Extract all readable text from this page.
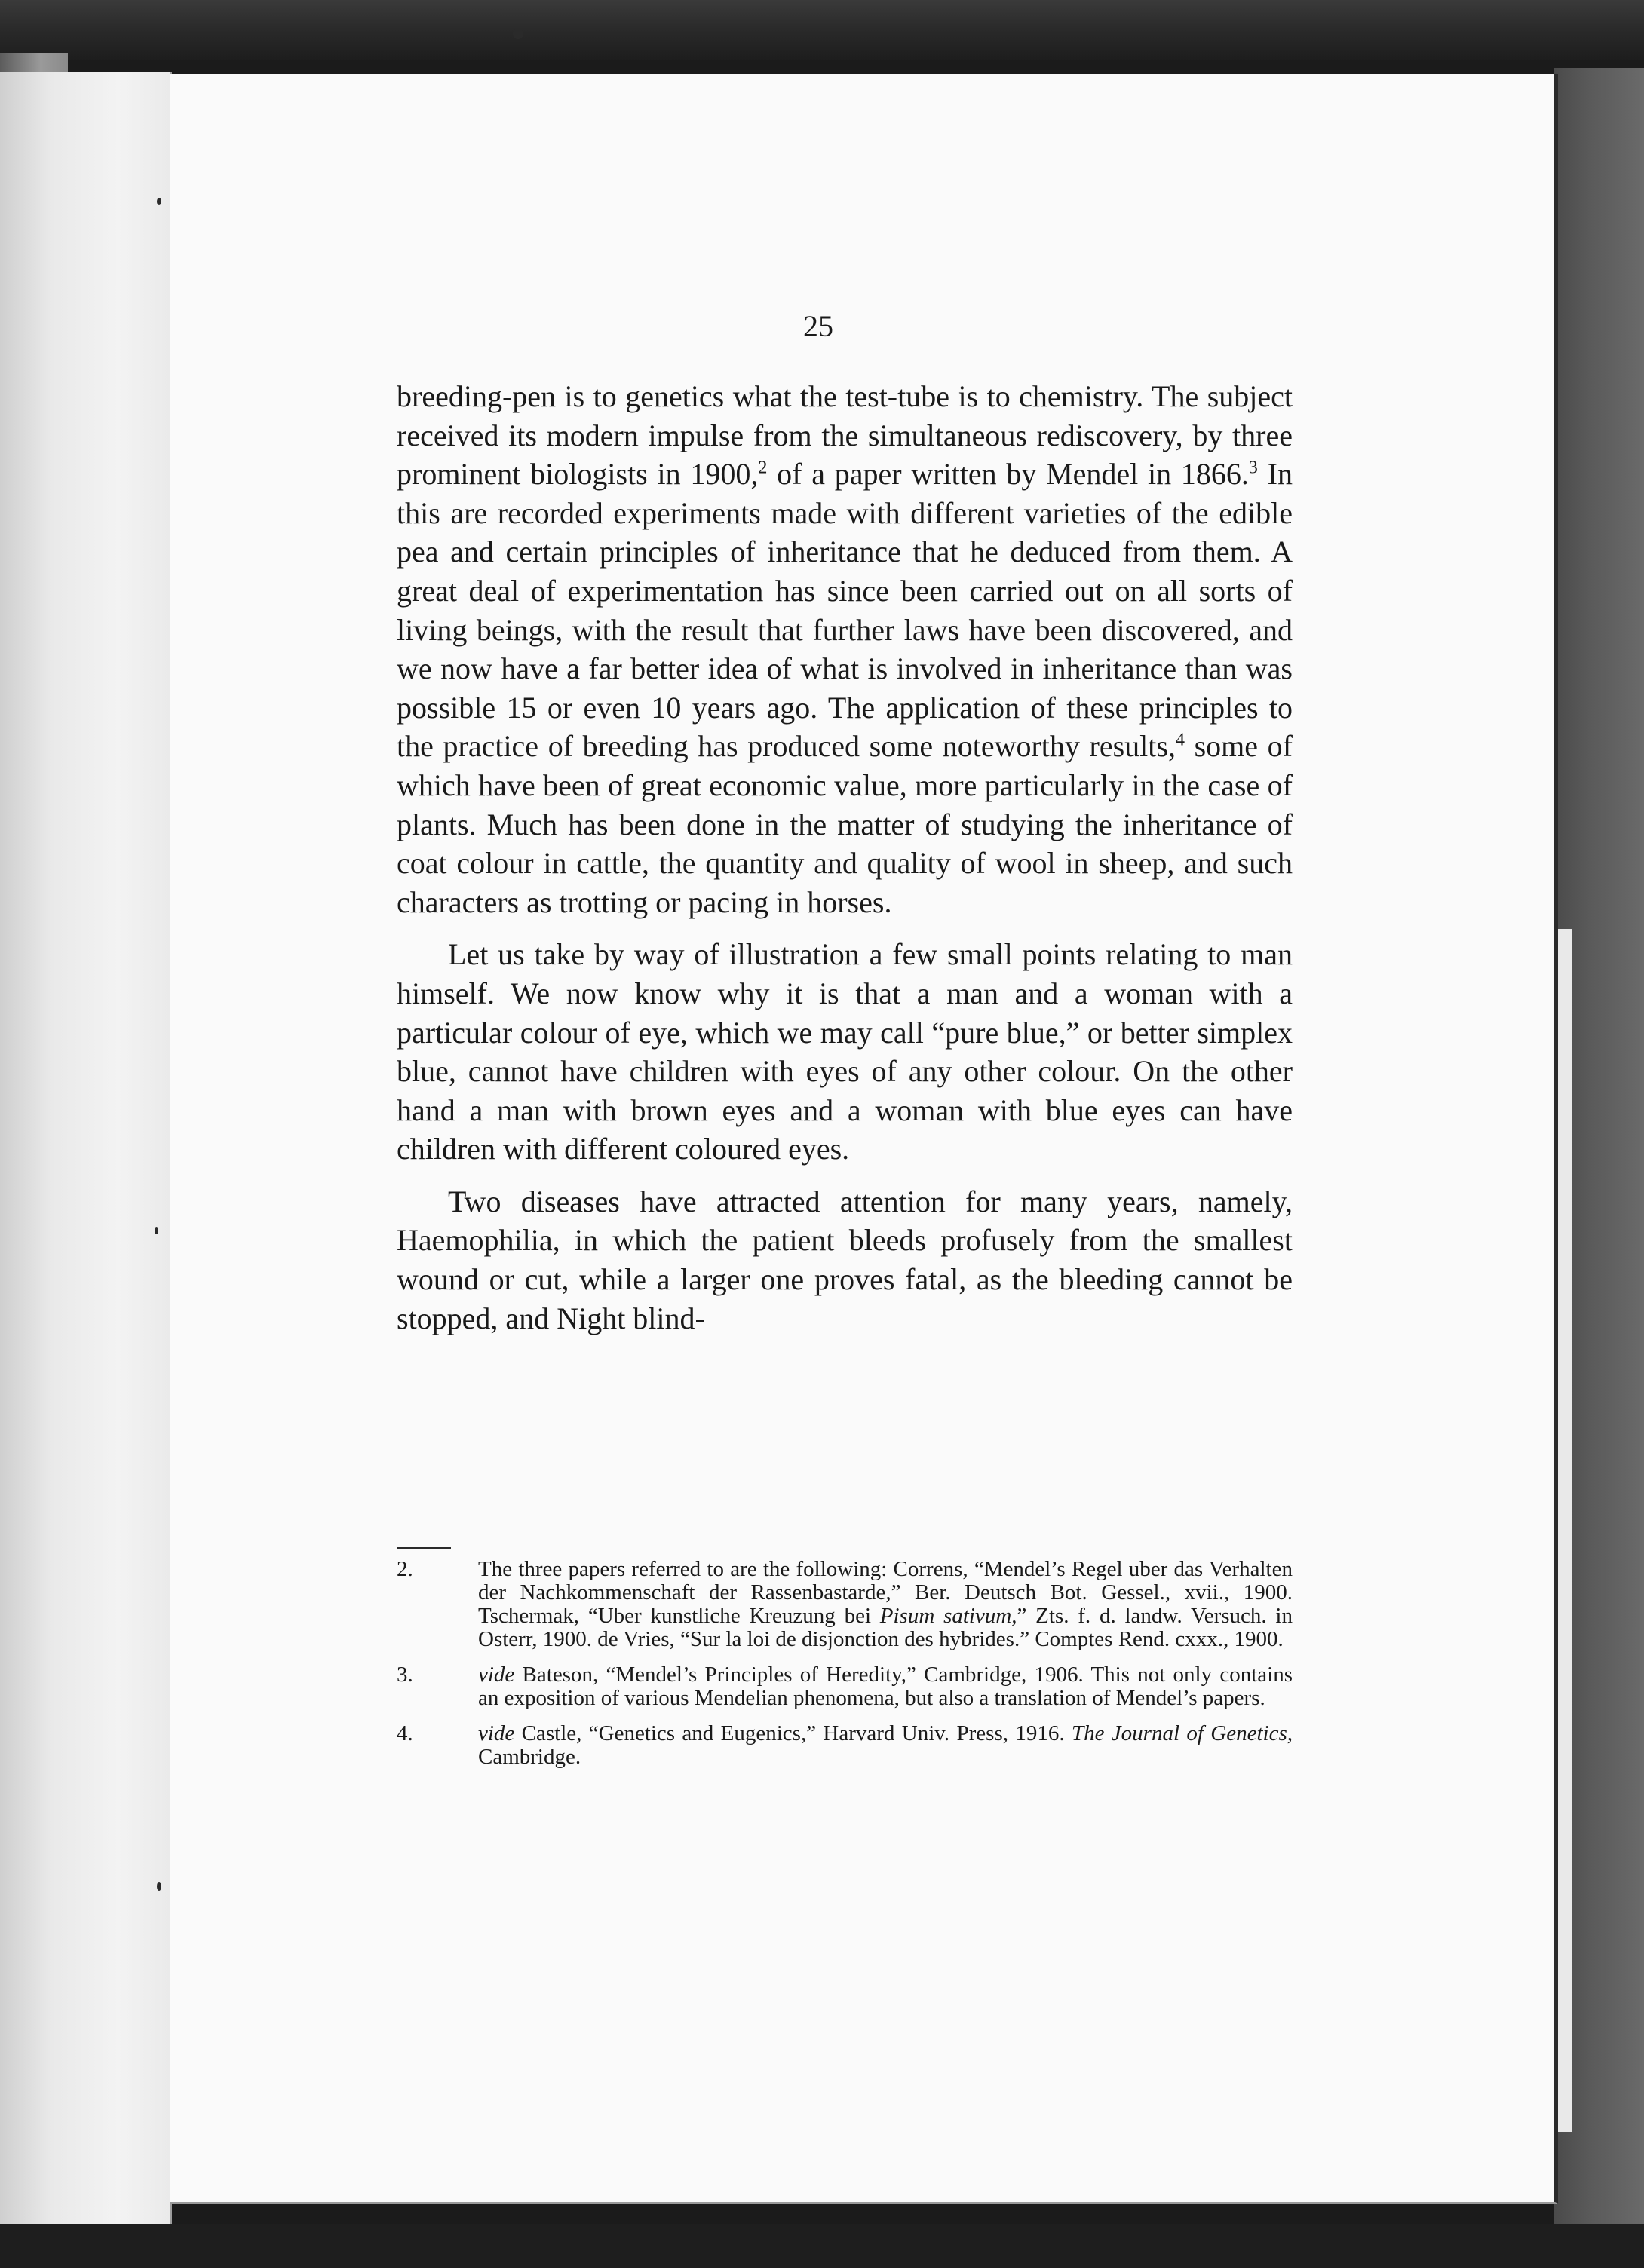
25

breeding-pen is to genetics what the test-tube is to chemistry. The subject received its modern impulse from the simultaneous rediscovery, by three prominent biologists in 1900,$^2$ of a paper written by Mendel in 1866.$^3$ In this are recorded experiments made with different varieties of the edible pea and certain principles of inheritance that he deduced from them. A great deal of experimentation has since been carried out on all sorts of living beings, with the result that further laws have been discovered, and we now have a far better idea of what is involved in inheritance than was possible 15 or even 10 years ago. The application of these principles to the practice of breeding has produced some noteworthy results,$^4$ some of which have been of great economic value, more particularly in the case of plants. Much has been done in the matter of studying the inheritance of coat colour in cattle, the quantity and quality of wool in sheep, and such characters as trotting or pacing in horses.

Let us take by way of illustration a few small points relating to man himself. We now know why it is that a man and a woman with a particular colour of eye, which we may call “pure blue,” or better simplex blue, cannot have children with eyes of any other colour. On the other hand a man with brown eyes and a woman with blue eyes can have children with different coloured eyes.

Two diseases have attracted attention for many years, namely, Haemophilia, in which the patient bleeds profusely from the smallest wound or cut, while a larger one proves fatal, as the bleeding cannot be stopped, and Night blind-

2.	The three papers referred to are the following: Correns, “Mendel’s Regel uber das Verhalten der Nachkommenschaft der Rassenbastarde,” Ber. Deutsch Bot. Gessel., xvii., 1900. Tschermak, “Uber kunstliche Kreuzung bei Pisum sativum,” Zts. f. d. landw. Versuch. in Osterr, 1900. de Vries, “Sur la loi de disjonction des hybrides.” Comptes Rend. cxxx., 1900.
3.	vide Bateson, “Mendel’s Principles of Heredity,” Cambridge, 1906. This not only contains an exposition of various Mendelian phenomena, but also a translation of Mendel’s papers.
4.	vide Castle, “Genetics and Eugenics,” Harvard Univ. Press, 1916. The Journal of Genetics, Cambridge.
